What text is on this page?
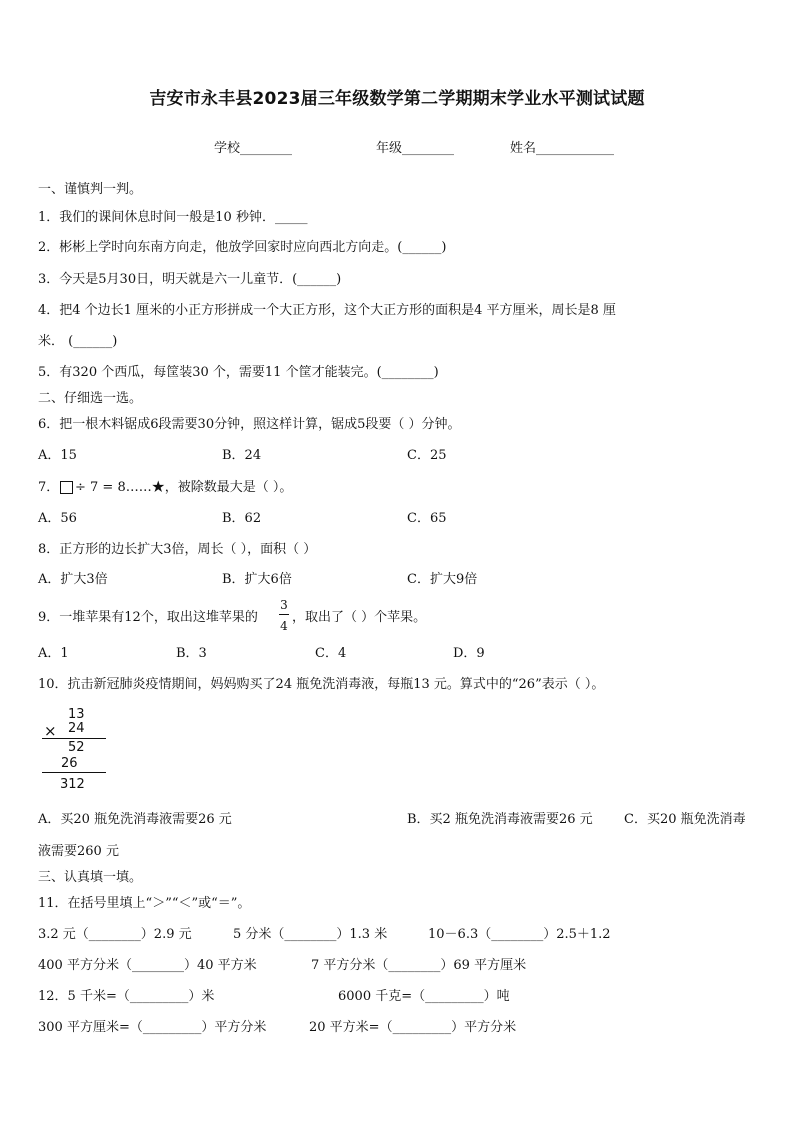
吉安市永丰县2023届三年级数学第二学期期末学业水平测试试题
学校________	年级________	姓名____________
一、谨慎判一判。
1．我们的课间休息时间一般是10 秒钟．_____
2．彬彬上学时向东南方向走，他放学回家时应向西北方向走。(______)
3．今天是5月30日，明天就是六一儿童节．(______)
4．把4 个边长1 厘米的小正方形拼成一个大正方形，这个大正方形的面积是4 平方厘米，周长是8 厘
米． (______)
5．有320 个西瓜，每筐装30 个，需要11 个筐才能装完。(________)
二、仔细选一选。
6．把一根木料锯成6段需要30分钟，照这样计算，锯成5段要（ ）分钟。
A．15	B．24	C．25
7． ÷ 7 = 8……★，被除数最大是（ ）。
A．56	B．62	C．65
8．正方形的边长扩大3倍，周长（ ），面积（ ）
A．扩大3倍	B．扩大6倍	C．扩大9倍
9．一堆苹果有12个，取出这堆苹果的
3
4
，取出了（ ）个苹果。
A．1	B．3	C．4	D．9
10．抗击新冠肺炎疫情期间，妈妈购买了24 瓶免洗消毒液，每瓶13 元。算式中的“26”表示（ ）。
13
× 24
52
26
312
A．买20 瓶免洗消毒液需要26 元	B．买2 瓶免洗消毒液需要26 元 C．买20 瓶免洗消毒
液需要260 元
三、认真填一填。
11．在括号里填上“＞”“＜”或“＝”。
3.2 元（________）2.9 元	5 分米（________）1.3 米	10－6.3（________）2.5＋1.2
400 平方分米（________）40 平方米	7 平方分米（________）69 平方厘米
12．5 千米=（_________）米	6000 千克=（_________）吨
300 平方厘米=（_________）平方分米	20 平方米=（_________）平方分米
